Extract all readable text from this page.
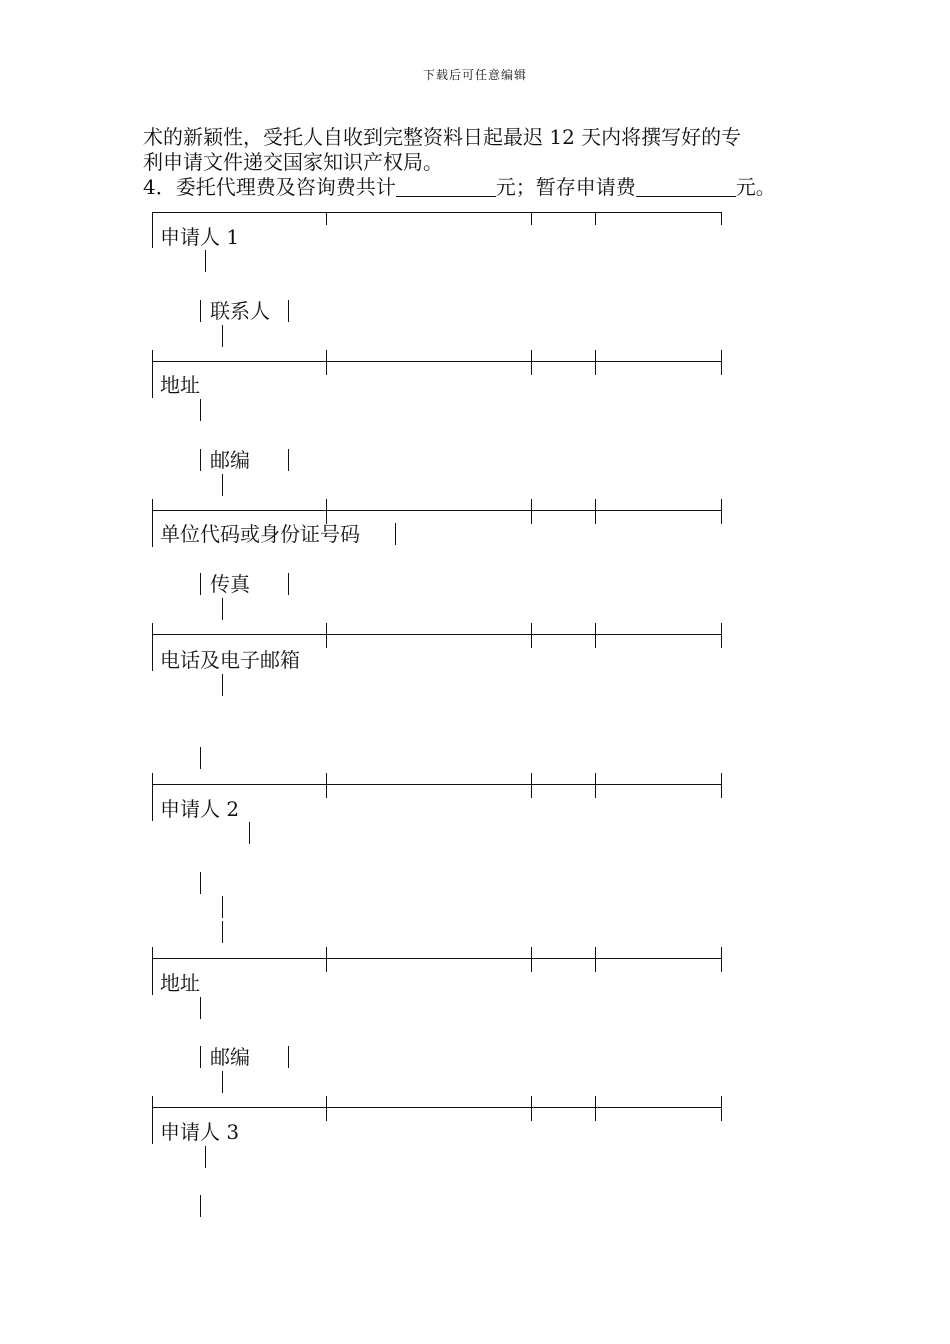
下载后可任意编辑
术的新颖性，受托人自收到完整资料日起最迟 12 天内将撰写好的专
利申请文件递交国家知识产权局。
4．委托代理费及咨询费共计	元；暂存申请费	元。
申请人 1
联系人
地址
邮编
单位代码或身份证号码
传真
电话及电子邮箱
申请人 2
地址
邮编
申请人 3
